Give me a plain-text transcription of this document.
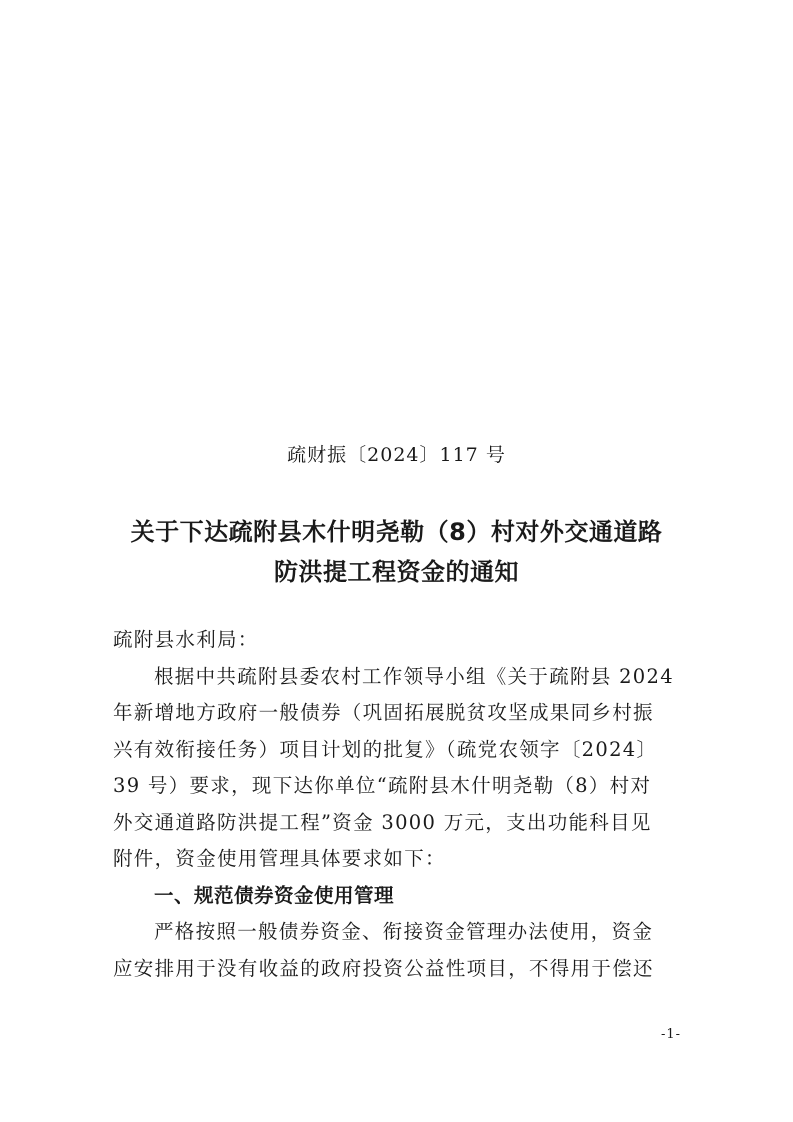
疏财振〔2024〕117 号
关于下达疏附县木什明尧勒（8）村对外交通道路
防洪提工程资金的通知
疏附县水利局：
根据中共疏附县委农村工作领导小组《关于疏附县 2024
年新增地方政府一般债券（巩固拓展脱贫攻坚成果同乡村振
兴有效衔接任务）项目计划的批复》（疏党农领字〔2024〕
39 号）要求，现下达你单位“疏附县木什明尧勒（8）村对
外交通道路防洪提工程”资金 3000 万元，支出功能科目见
附件，资金使用管理具体要求如下：
一、规范债券资金使用管理
严格按照一般债券资金、衔接资金管理办法使用，资金
应安排用于没有收益的政府投资公益性项目，不得用于偿还
-1-
